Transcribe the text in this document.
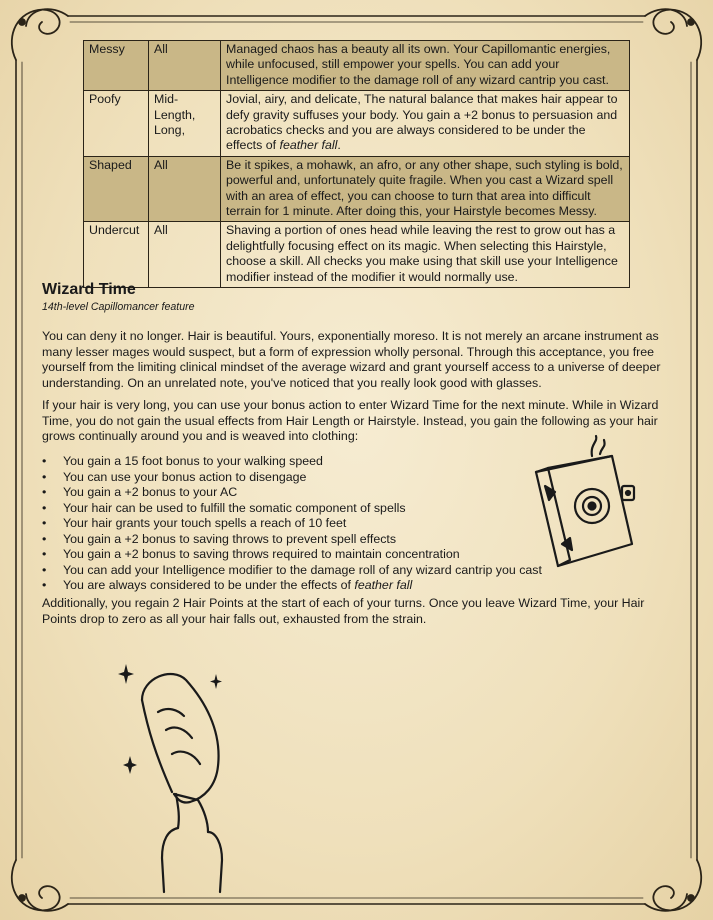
Messy	All	Managed chaos has a beauty all its own. Your Capillomantic energies, while unfocused, still empower your spells. You can add your Intelligence modifier to the damage roll of any wizard cantrip you cast.
Poofy	Mid-Length, Long,	Jovial, airy, and delicate, The natural balance that makes hair appear to defy gravity suffuses your body. You gain a +2 bonus to persuasion and acrobatics checks and you are always considered to be under the effects of feather fall.
Shaped	All	Be it spikes, a mohawk, an afro, or any other shape, such styling is bold, powerful and, unfortunately quite fragile. When you cast a Wizard spell with an area of effect, you can choose to turn that area into difficult terrain for 1 minute. After doing this, your Hairstyle becomes Messy.
Undercut	All	Shaving a portion of ones head while leaving the rest to grow out has a delightfully focusing effect on its magic. When selecting this Hairstyle, choose a skill. All checks you make using that skill use your Intelligence modifier instead of the modifier it would normally use.
Wizard Time

14th-level Capillomancer feature

You can deny it no longer. Hair is beautiful. Yours, exponentially moreso. It is not merely an arcane instrument as many lesser mages would suspect, but a form of expression wholly personal. Through this acceptance, you free yourself from the limiting clinical mindset of the average wizard and grant yourself access to a universe of deeper understanding. On an unrelated note, you've noticed that you really look good with glasses.

If your hair is very long, you can use your bonus action to enter Wizard Time for the next minute. While in Wizard Time, you do not gain the usual effects from Hair Length or Hairstyle. Instead, you gain the following as your hair grows continually around you and is weaved into clothing:

• You gain a 15 foot bonus to your walking speed
• You can use your bonus action to disengage
• You gain a +2 bonus to your AC
• Your hair can be used to fulfill the somatic component of spells
• Your hair grants your touch spells a reach of 10 feet
• You gain a +2 bonus to saving throws to prevent spell effects
• You gain a +2 bonus to saving throws required to maintain concentration
• You can add your Intelligence modifier to the damage roll of any wizard cantrip you cast
• You are always considered to be under the effects of feather fall

Additionally, you regain 2 Hair Points at the start of each of your turns. Once you leave Wizard Time, your Hair Points drop to zero as all your hair falls out, exhausted from the strain.
